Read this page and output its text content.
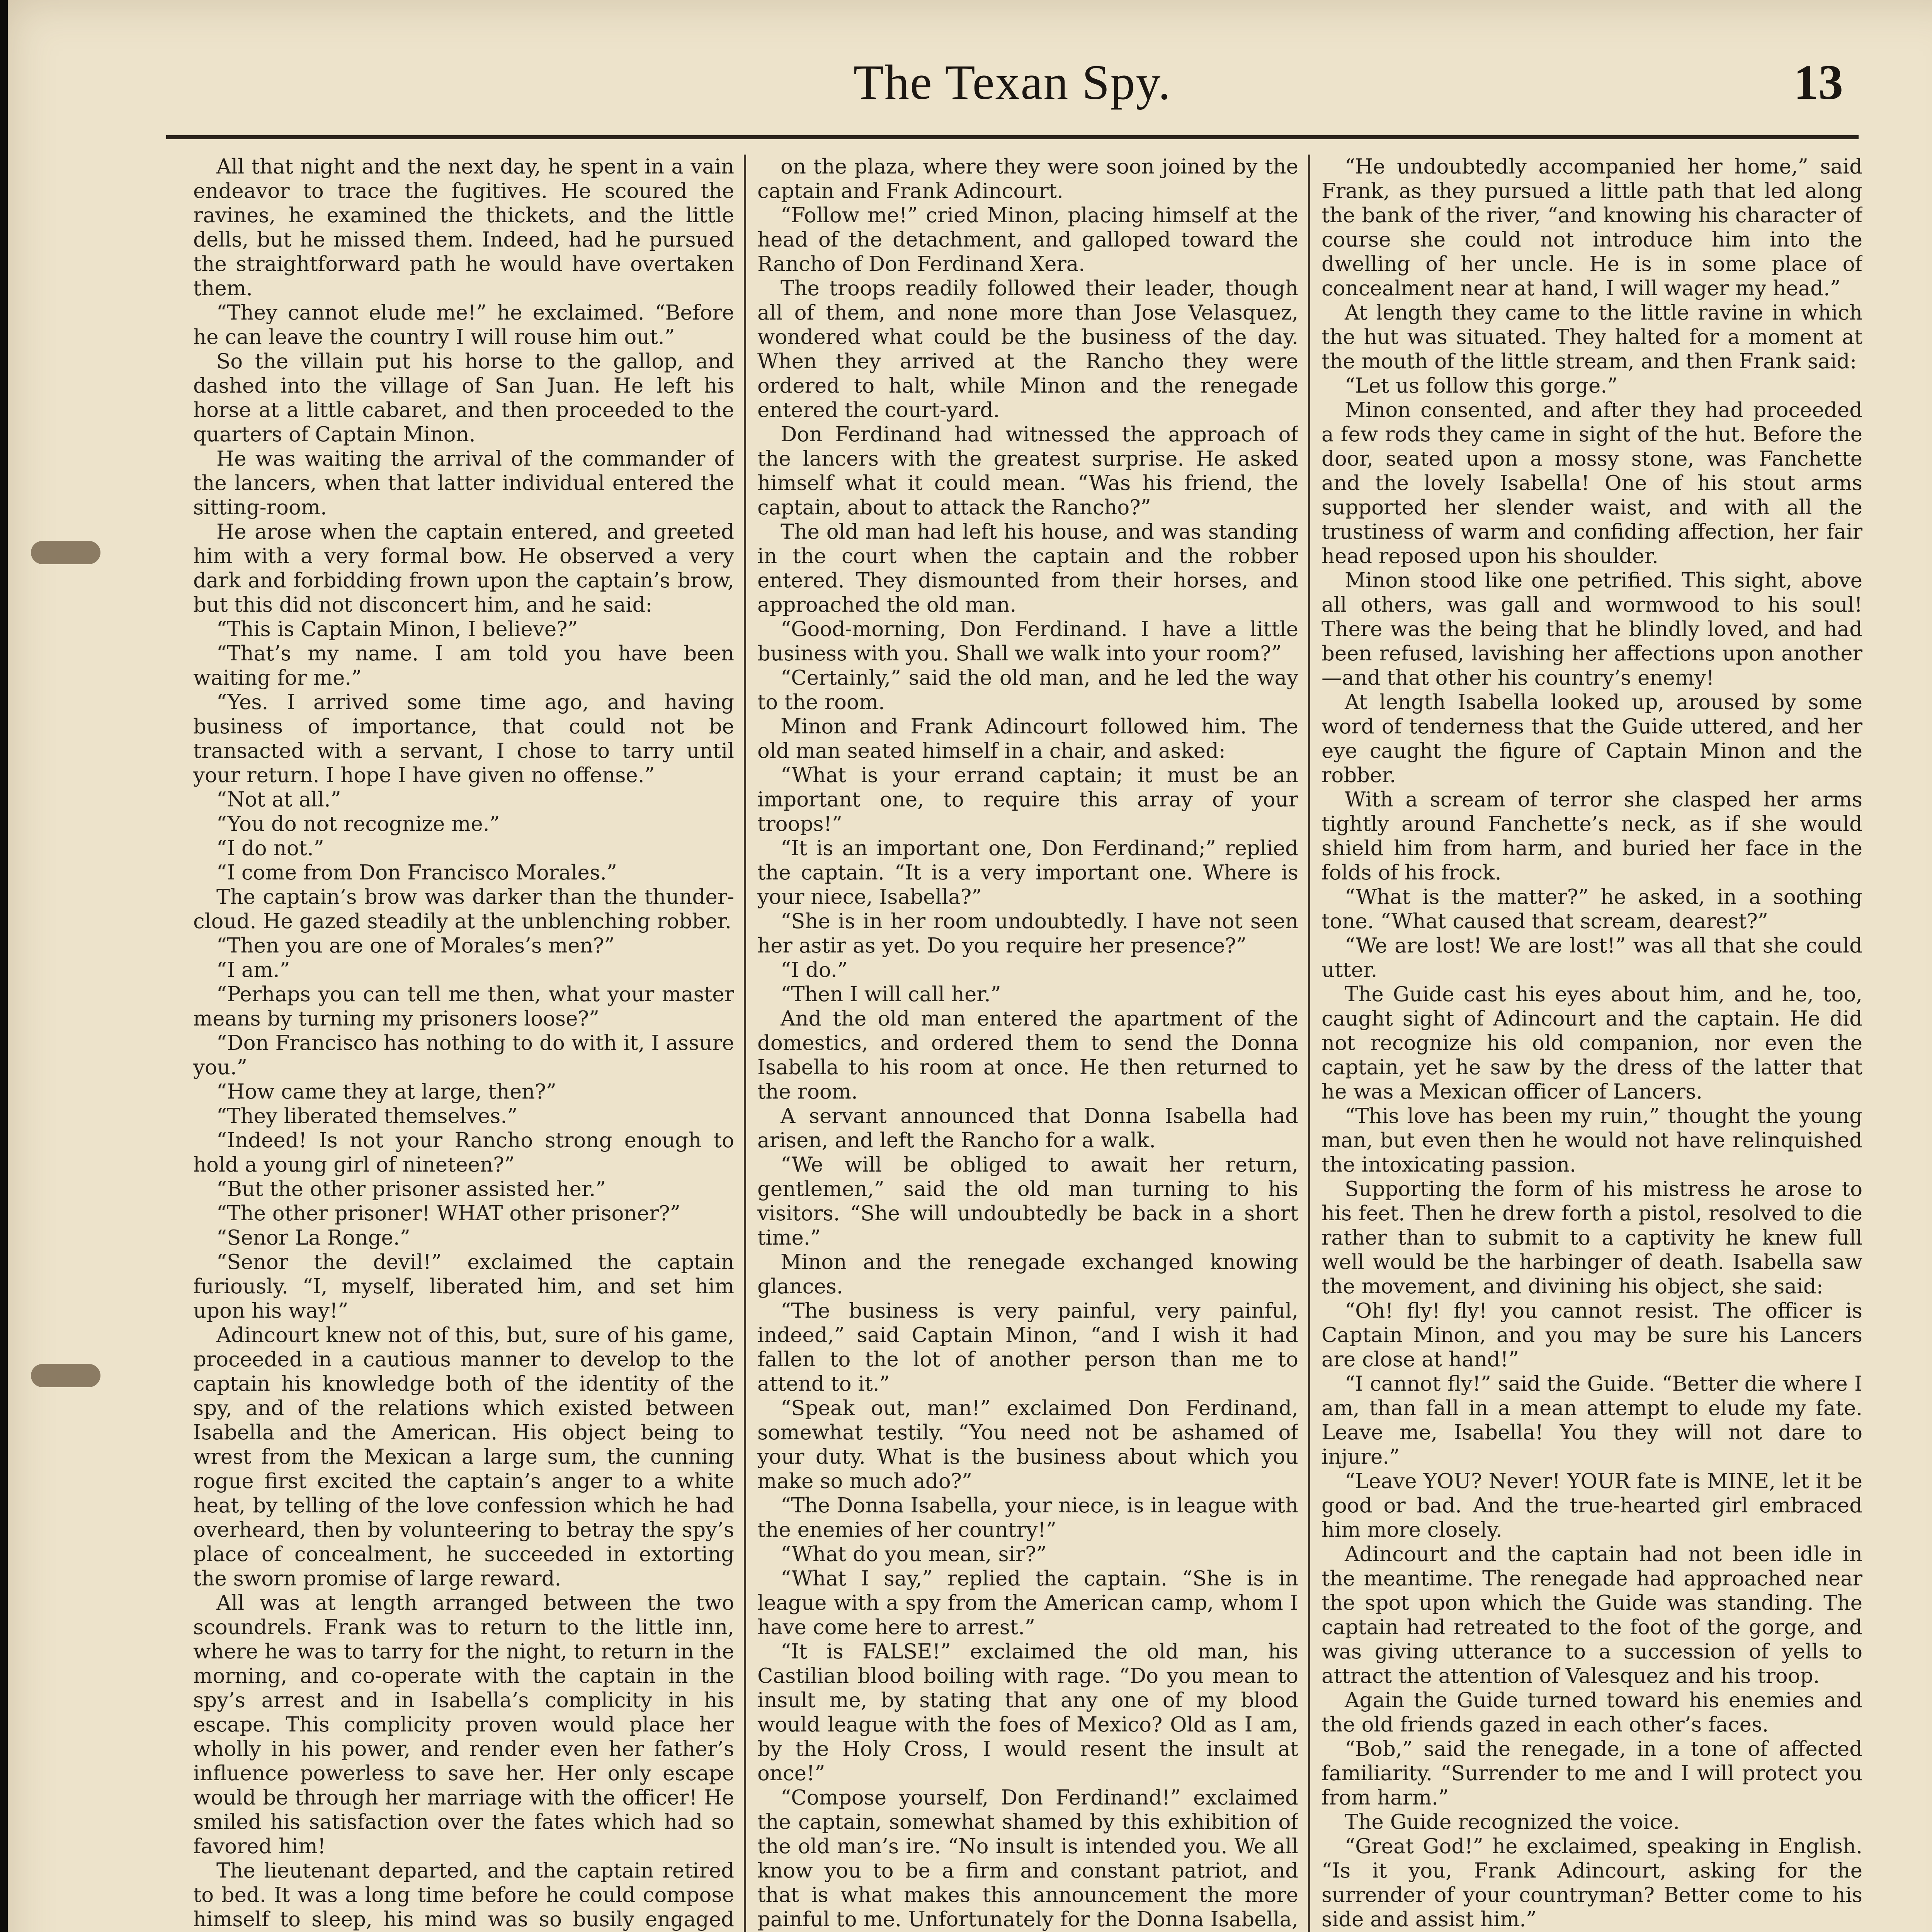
The Texan Spy.	13

All that night and the next day, he spent in a vain endeavor to trace the fugitives. He scoured the ravines, he examined the thickets, and the little dells, but he missed them. Indeed, had he pursued the straightforward path he would have overtaken them.

“They cannot elude me!” he exclaimed. “Before he can leave the country I will rouse him out.”

So the villain put his horse to the gallop, and dashed into the village of San Juan. He left his horse at a little cabaret, and then proceeded to the quarters of Captain Minon.

He was waiting the arrival of the commander of the lancers, when that latter individual entered the sitting-room.

He arose when the captain entered, and greeted him with a very formal bow. He observed a very dark and forbidding frown upon the captain’s brow, but this did not disconcert him, and he said:

“This is Captain Minon, I believe?”

“That’s my name. I am told you have been waiting for me.”

“Yes. I arrived some time ago, and having business of importance, that could not be transacted with a servant, I chose to tarry until your return. I hope I have given no offense.”

“Not at all.”

“You do not recognize me.”

“I do not.”

“I come from Don Francisco Morales.”

The captain’s brow was darker than the thunder-cloud. He gazed steadily at the unblenching robber.

“Then you are one of Morales’s men?”

“I am.”

“Perhaps you can tell me then, what your master means by turning my prisoners loose?”

“Don Francisco has nothing to do with it, I assure you.”

“How came they at large, then?”

“They liberated themselves.”

“Indeed! Is not your Rancho strong enough to hold a young girl of nineteen?”

“But the other prisoner assisted her.”

“The other prisoner! WHAT other prisoner?”

“Senor La Ronge.”

“Senor the devil!” exclaimed the captain furiously. “I, myself, liberated him, and set him upon his way!”

Adincourt knew not of this, but, sure of his game, proceeded in a cautious manner to develop to the captain his knowledge both of the identity of the spy, and of the relations which existed between Isabella and the American. His object being to wrest from the Mexican a large sum, the cunning rogue first excited the captain’s anger to a white heat, by telling of the love confession which he had overheard, then by volunteering to betray the spy’s place of concealment, he succeeded in extorting the sworn promise of large reward.

All was at length arranged between the two scoundrels. Frank was to return to the little inn, where he was to tarry for the night, to return in the morning, and co-operate with the captain in the spy’s arrest and in Isabella’s complicity in his escape. This complicity proven would place her wholly in his power, and render even her father’s influence powerless to save her. Her only escape would be through her marriage with the officer! He smiled his satisfaction over the fates which had so favored him!

The lieutenant departed, and the captain retired to bed. It was a long time before he could compose himself to sleep, his mind was so busily engaged

on the plaza, where they were soon joined by the captain and Frank Adincourt.

“Follow me!” cried Minon, placing himself at the head of the detachment, and galloped toward the Rancho of Don Ferdinand Xera.

The troops readily followed their leader, though all of them, and none more than Jose Velasquez, wondered what could be the business of the day. When they arrived at the Rancho they were ordered to halt, while Minon and the renegade entered the court-yard.

Don Ferdinand had witnessed the approach of the lancers with the greatest surprise. He asked himself what it could mean. “Was his friend, the captain, about to attack the Rancho?”

The old man had left his house, and was standing in the court when the captain and the robber entered. They dismounted from their horses, and approached the old man.

“Good-morning, Don Ferdinand. I have a little business with you. Shall we walk into your room?”

“Certainly,” said the old man, and he led the way to the room.

Minon and Frank Adincourt followed him. The old man seated himself in a chair, and asked:

“What is your errand captain; it must be an important one, to require this array of your troops!”

“It is an important one, Don Ferdinand;” replied the captain. “It is a very important one. Where is your niece, Isabella?”

“She is in her room undoubtedly. I have not seen her astir as yet. Do you require her presence?”

“I do.”

“Then I will call her.”

And the old man entered the apartment of the domestics, and ordered them to send the Donna Isabella to his room at once. He then returned to the room.

A servant announced that Donna Isabella had arisen, and left the Rancho for a walk.

“We will be obliged to await her return, gentlemen,” said the old man turning to his visitors. “She will undoubtedly be back in a short time.”

Minon and the renegade exchanged knowing glances.

“The business is very painful, very painful, indeed,” said Captain Minon, “and I wish it had fallen to the lot of another person than me to attend to it.”

“Speak out, man!” exclaimed Don Ferdinand, somewhat testily. “You need not be ashamed of your duty. What is the business about which you make so much ado?”

“The Donna Isabella, your niece, is in league with the enemies of her country!”

“What do you mean, sir?”

“What I say,” replied the captain. “She is in league with a spy from the American camp, whom I have come here to arrest.”

“It is FALSE!” exclaimed the old man, his Castilian blood boiling with rage. “Do you mean to insult me, by stating that any one of my blood would league with the foes of Mexico? Old as I am, by the Holy Cross, I would resent the insult at once!”

“Compose yourself, Don Ferdinand!” exclaimed the captain, somewhat shamed by this exhibition of the old man’s ire. “No insult is intended you. We all know you to be a firm and constant patriot, and that is what makes this announcement the more painful to me. Unfortunately for the Donna Isabella,

“He undoubtedly accompanied her home,” said Frank, as they pursued a little path that led along the bank of the river, “and knowing his character of course she could not introduce him into the dwelling of her uncle. He is in some place of concealment near at hand, I will wager my head.”

At length they came to the little ravine in which the hut was situated. They halted for a moment at the mouth of the little stream, and then Frank said:

“Let us follow this gorge.”

Minon consented, and after they had proceeded a few rods they came in sight of the hut. Before the door, seated upon a mossy stone, was Fanchette and the lovely Isabella! One of his stout arms supported her slender waist, and with all the trustiness of warm and confiding affection, her fair head reposed upon his shoulder.

Minon stood like one petrified. This sight, above all others, was gall and wormwood to his soul! There was the being that he blindly loved, and had been refused, lavishing her affections upon another—and that other his country’s enemy!

At length Isabella looked up, aroused by some word of tenderness that the Guide uttered, and her eye caught the figure of Captain Minon and the robber.

With a scream of terror she clasped her arms tightly around Fanchette’s neck, as if she would shield him from harm, and buried her face in the folds of his frock.

“What is the matter?” he asked, in a soothing tone. “What caused that scream, dearest?”

“We are lost! We are lost!” was all that she could utter.

The Guide cast his eyes about him, and he, too, caught sight of Adincourt and the captain. He did not recognize his old companion, nor even the captain, yet he saw by the dress of the latter that he was a Mexican officer of Lancers.

“This love has been my ruin,” thought the young man, but even then he would not have relinquished the intoxicating passion.

Supporting the form of his mistress he arose to his feet. Then he drew forth a pistol, resolved to die rather than to submit to a captivity he knew full well would be the harbinger of death. Isabella saw the movement, and divining his object, she said:

“Oh! fly! fly! you cannot resist. The officer is Captain Minon, and you may be sure his Lancers are close at hand!”

“I cannot fly!” said the Guide. “Better die where I am, than fall in a mean attempt to elude my fate. Leave me, Isabella! You they will not dare to injure.”

“Leave YOU? Never! YOUR fate is MINE, let it be good or bad. And the true-hearted girl embraced him more closely.

Adincourt and the captain had not been idle in the meantime. The renegade had approached near the spot upon which the Guide was standing. The captain had retreated to the foot of the gorge, and was giving utterance to a succession of yells to attract the attention of Valesquez and his troop.

Again the Guide turned toward his enemies and the old friends gazed in each other’s faces.

“Bob,” said the renegade, in a tone of affected familiarity. “Surrender to me and I will protect you from harm.”

The Guide recognized the voice.

“Great God!” he exclaimed, speaking in English. “Is it you, Frank Adincourt, asking for the surrender of your countryman? Better come to his side and assist him.”
